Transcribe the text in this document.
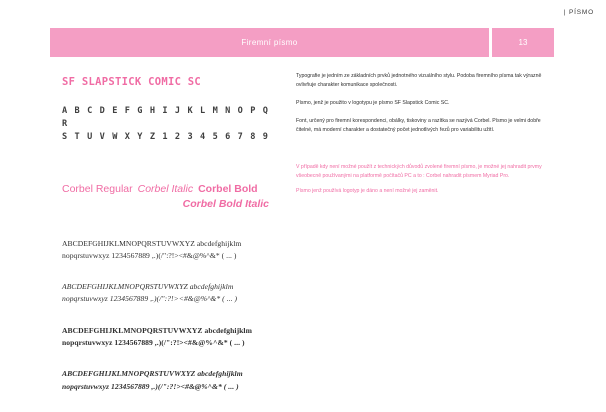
| PÍSMO
Firemní písmo	13
SF SLAPSTICK COMIC SC
A B C D E F G H I J K L M N O P Q R
S T U V W X Y Z 1 2 3 4 5 6 7 8 9
Corbel Regular Corbel Italic Corbel Bold
Corbel Bold Italic
ABCDEFGHIJKLMNOPQRSTUVWXYZ abcdefghijklm
nopqrstuvwxyz 1234567889 ,.)(/":?!><#&@%^&* ( ... )
ABCDEFGHIJKLMNOPQRSTUVWXYZ abcdefghijklm
nopqrstuvwxyz 1234567889 ,.)(/":?!><#&@%^&* ( ... )
ABCDEFGHIJKLMNOPQRSTUVWXYZ abcdefghijklm
nopqrstuvwxyz 1234567889 ,.)(/":?!><#&@%^&* ( ... )
ABCDEFGHIJKLMNOPQRSTUVWXYZ abcdefghijklm
nopqrstuvwxyz 1234567889 ,.)(/":?!><#&@%^&* ( ... )

Typografie je jedním ze základních prvků jednotného vizuálního stylu. Podoba firemního písma tak výrazně ovlivňuje charakter komunikace společnosti.

Písmo, jenž je použito v logotypu je písmo SF Slapstick Comic SC.

Font, určený pro firemní korespondenci, obálky, tiskoviny a razítka se nazývá Corbel. Písmo je velmi dobře čitelné, má moderní charakter a dostatečný počet jednotlivých řezů pro variabilitu užití.

V případě kdy není možné použít z technických důvodů zvolené firemní písmo, je možné jej nahradit prvmy všeobecně používanými na platformě počítačů PC a to : Corbel nahradit písmem Myriad Pro.

Písmo jenž používá logotyp je dáno a není možné jej zaměnit.
